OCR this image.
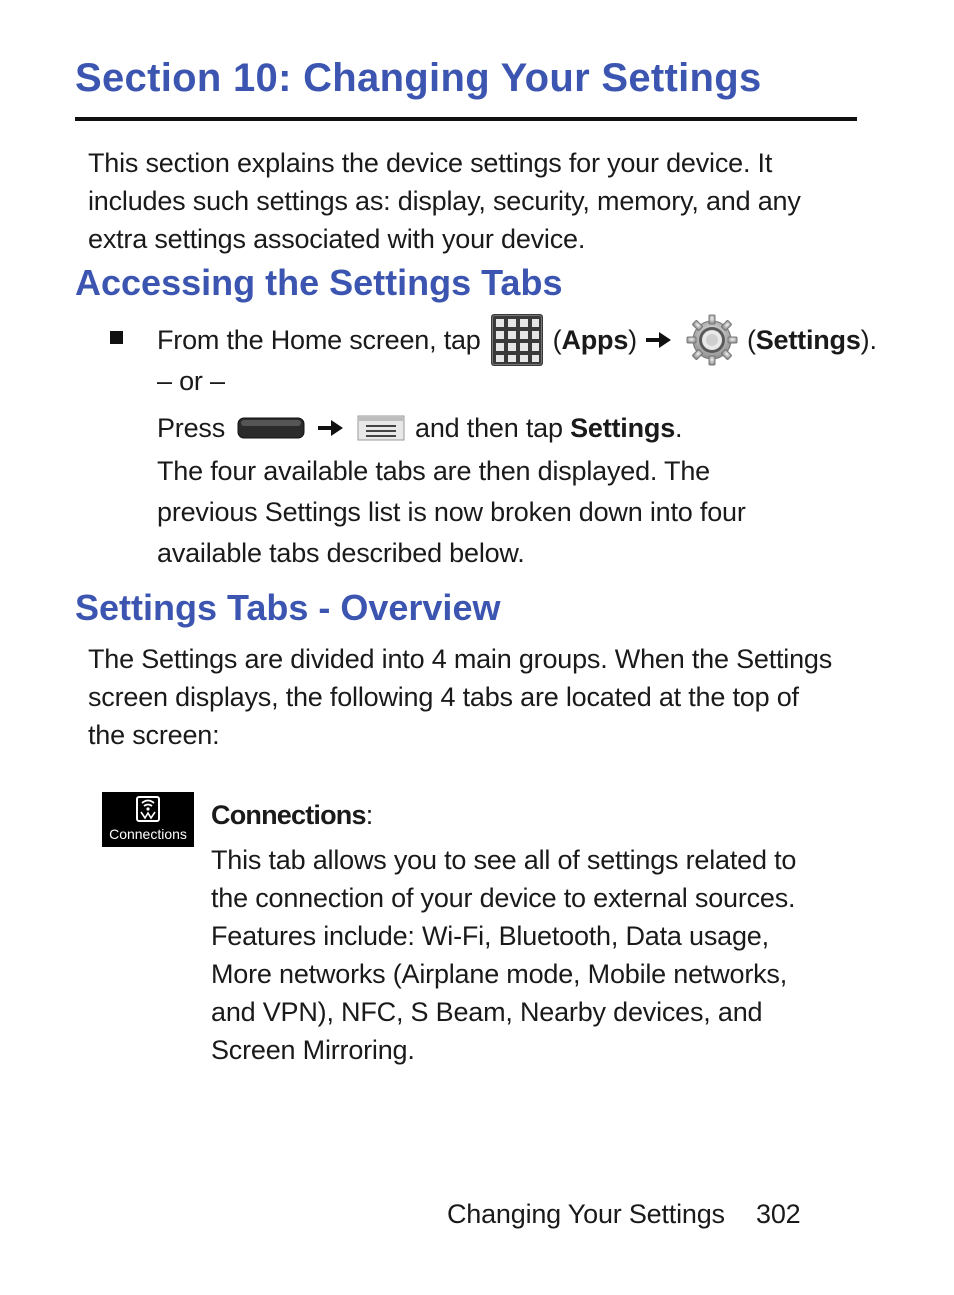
Section 10: Changing Your Settings
This section explains the device settings for your device. It includes such settings as: display, security, memory, and any extra settings associated with your device.
Accessing the Settings Tabs
From the Home screen, tap	( Apps )	( Settings ).
– or –
Press	and then tap
Settings .
The four available tabs are then displayed. The previous Settings list is now broken down into four available tabs described below.
Settings Tabs - Overview
The Settings are divided into 4 main groups. When the Settings screen displays, the following 4 tabs are located at the top of the screen:
Connections
Connections:
This tab allows you to see all of settings related to the connection of your device to external sources. Features include: Wi-Fi, Bluetooth, Data usage, More networks (Airplane mode, Mobile networks, and VPN), NFC, S Beam, Nearby devices, and Screen Mirroring.
Changing Your Settings 302
